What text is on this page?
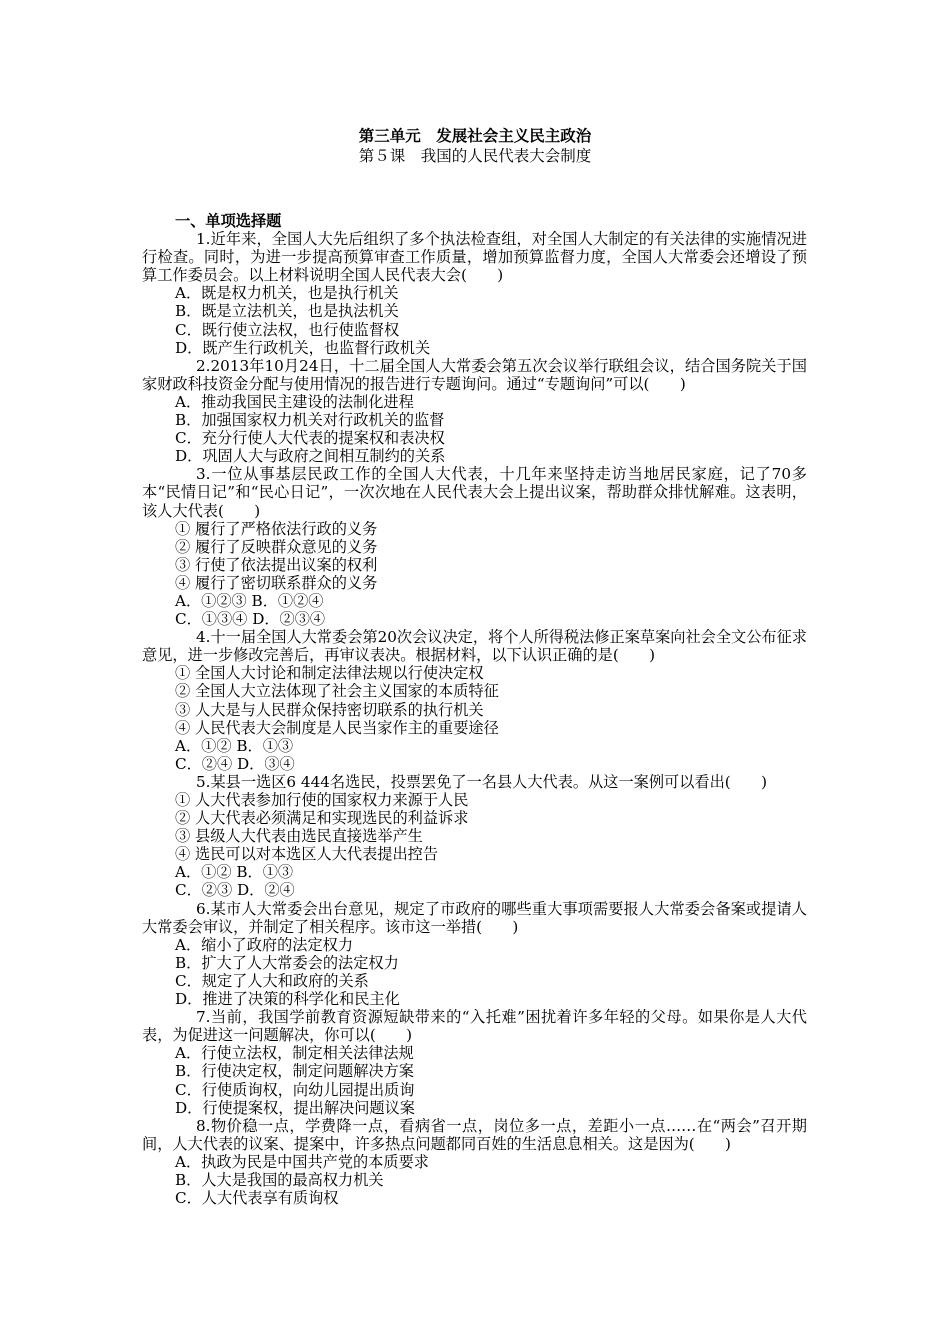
第三单元　发展社会主义民主政治
第５课　我国的人民代表大会制度
一、单项选择题
1.近年来，全国人大先后组织了多个执法检查组，对全国人大制定的有关法律的实施情况进行检查。同时，为进一步提高预算审查工作质量，增加预算监督力度，全国人大常委会还增设了预算工作委员会。以上材料说明全国人民代表大会(　　)
A．既是权力机关，也是执行机关
B．既是立法机关，也是执法机关
C．既行使立法权，也行使监督权
D．既产生行政机关，也监督行政机关
2.2013年10月24日，十二届全国人大常委会第五次会议举行联组会议，结合国务院关于国家财政科技资金分配与使用情况的报告进行专题询问。通过“专题询问”可以(　　)
A．推动我国民主建设的法制化进程
B．加强国家权力机关对行政机关的监督
C．充分行使人大代表的提案权和表决权
D．巩固人大与政府之间相互制约的关系
3.一位从事基层民政工作的全国人大代表，十几年来坚持走访当地居民家庭，记了70多本“民情日记”和“民心日记”，一次次地在人民代表大会上提出议案，帮助群众排忧解难。这表明，该人大代表(　　)
① 履行了严格依法行政的义务
② 履行了反映群众意见的义务
③ 行使了依法提出议案的权利
④ 履行了密切联系群众的义务
A．①②③ B．①②④
C．①③④ D．②③④
4.十一届全国人大常委会第20次会议决定，将个人所得税法修正案草案向社会全文公布征求意见，进一步修改完善后，再审议表决。根据材料，以下认识正确的是(　　)
① 全国人大讨论和制定法律法规以行使决定权
② 全国人大立法体现了社会主义国家的本质特征
③ 人大是与人民群众保持密切联系的执行机关
④ 人民代表大会制度是人民当家作主的重要途径
A．①② B．①③
C．②④ D．③④
5.某县一选区6 444名选民，投票罢免了一名县人大代表。从这一案例可以看出(　　)
① 人大代表参加行使的国家权力来源于人民
② 人大代表必须满足和实现选民的利益诉求
③ 县级人大代表由选民直接选举产生
④ 选民可以对本选区人大代表提出控告
A．①② B．①③
C．②③ D．②④
6.某市人大常委会出台意见，规定了市政府的哪些重大事项需要报人大常委会备案或提请人大常委会审议，并制定了相关程序。该市这一举措(　　)
A．缩小了政府的法定权力
B．扩大了人大常委会的法定权力
C．规定了人大和政府的关系
D．推进了决策的科学化和民主化
7.当前，我国学前教育资源短缺带来的“入托难”困扰着许多年轻的父母。如果你是人大代表，为促进这一问题解决，你可以(　　)
A．行使立法权，制定相关法律法规
B．行使决定权，制定问题解决方案
C．行使质询权，向幼儿园提出质询
D．行使提案权，提出解决问题议案
8.物价稳一点，学费降一点，看病省一点，岗位多一点，差距小一点……在“两会”召开期间，人大代表的议案、提案中，许多热点问题都同百姓的生活息息相关。这是因为(　　)
A．执政为民是中国共产党的本质要求
B．人大是我国的最高权力机关
C．人大代表享有质询权
